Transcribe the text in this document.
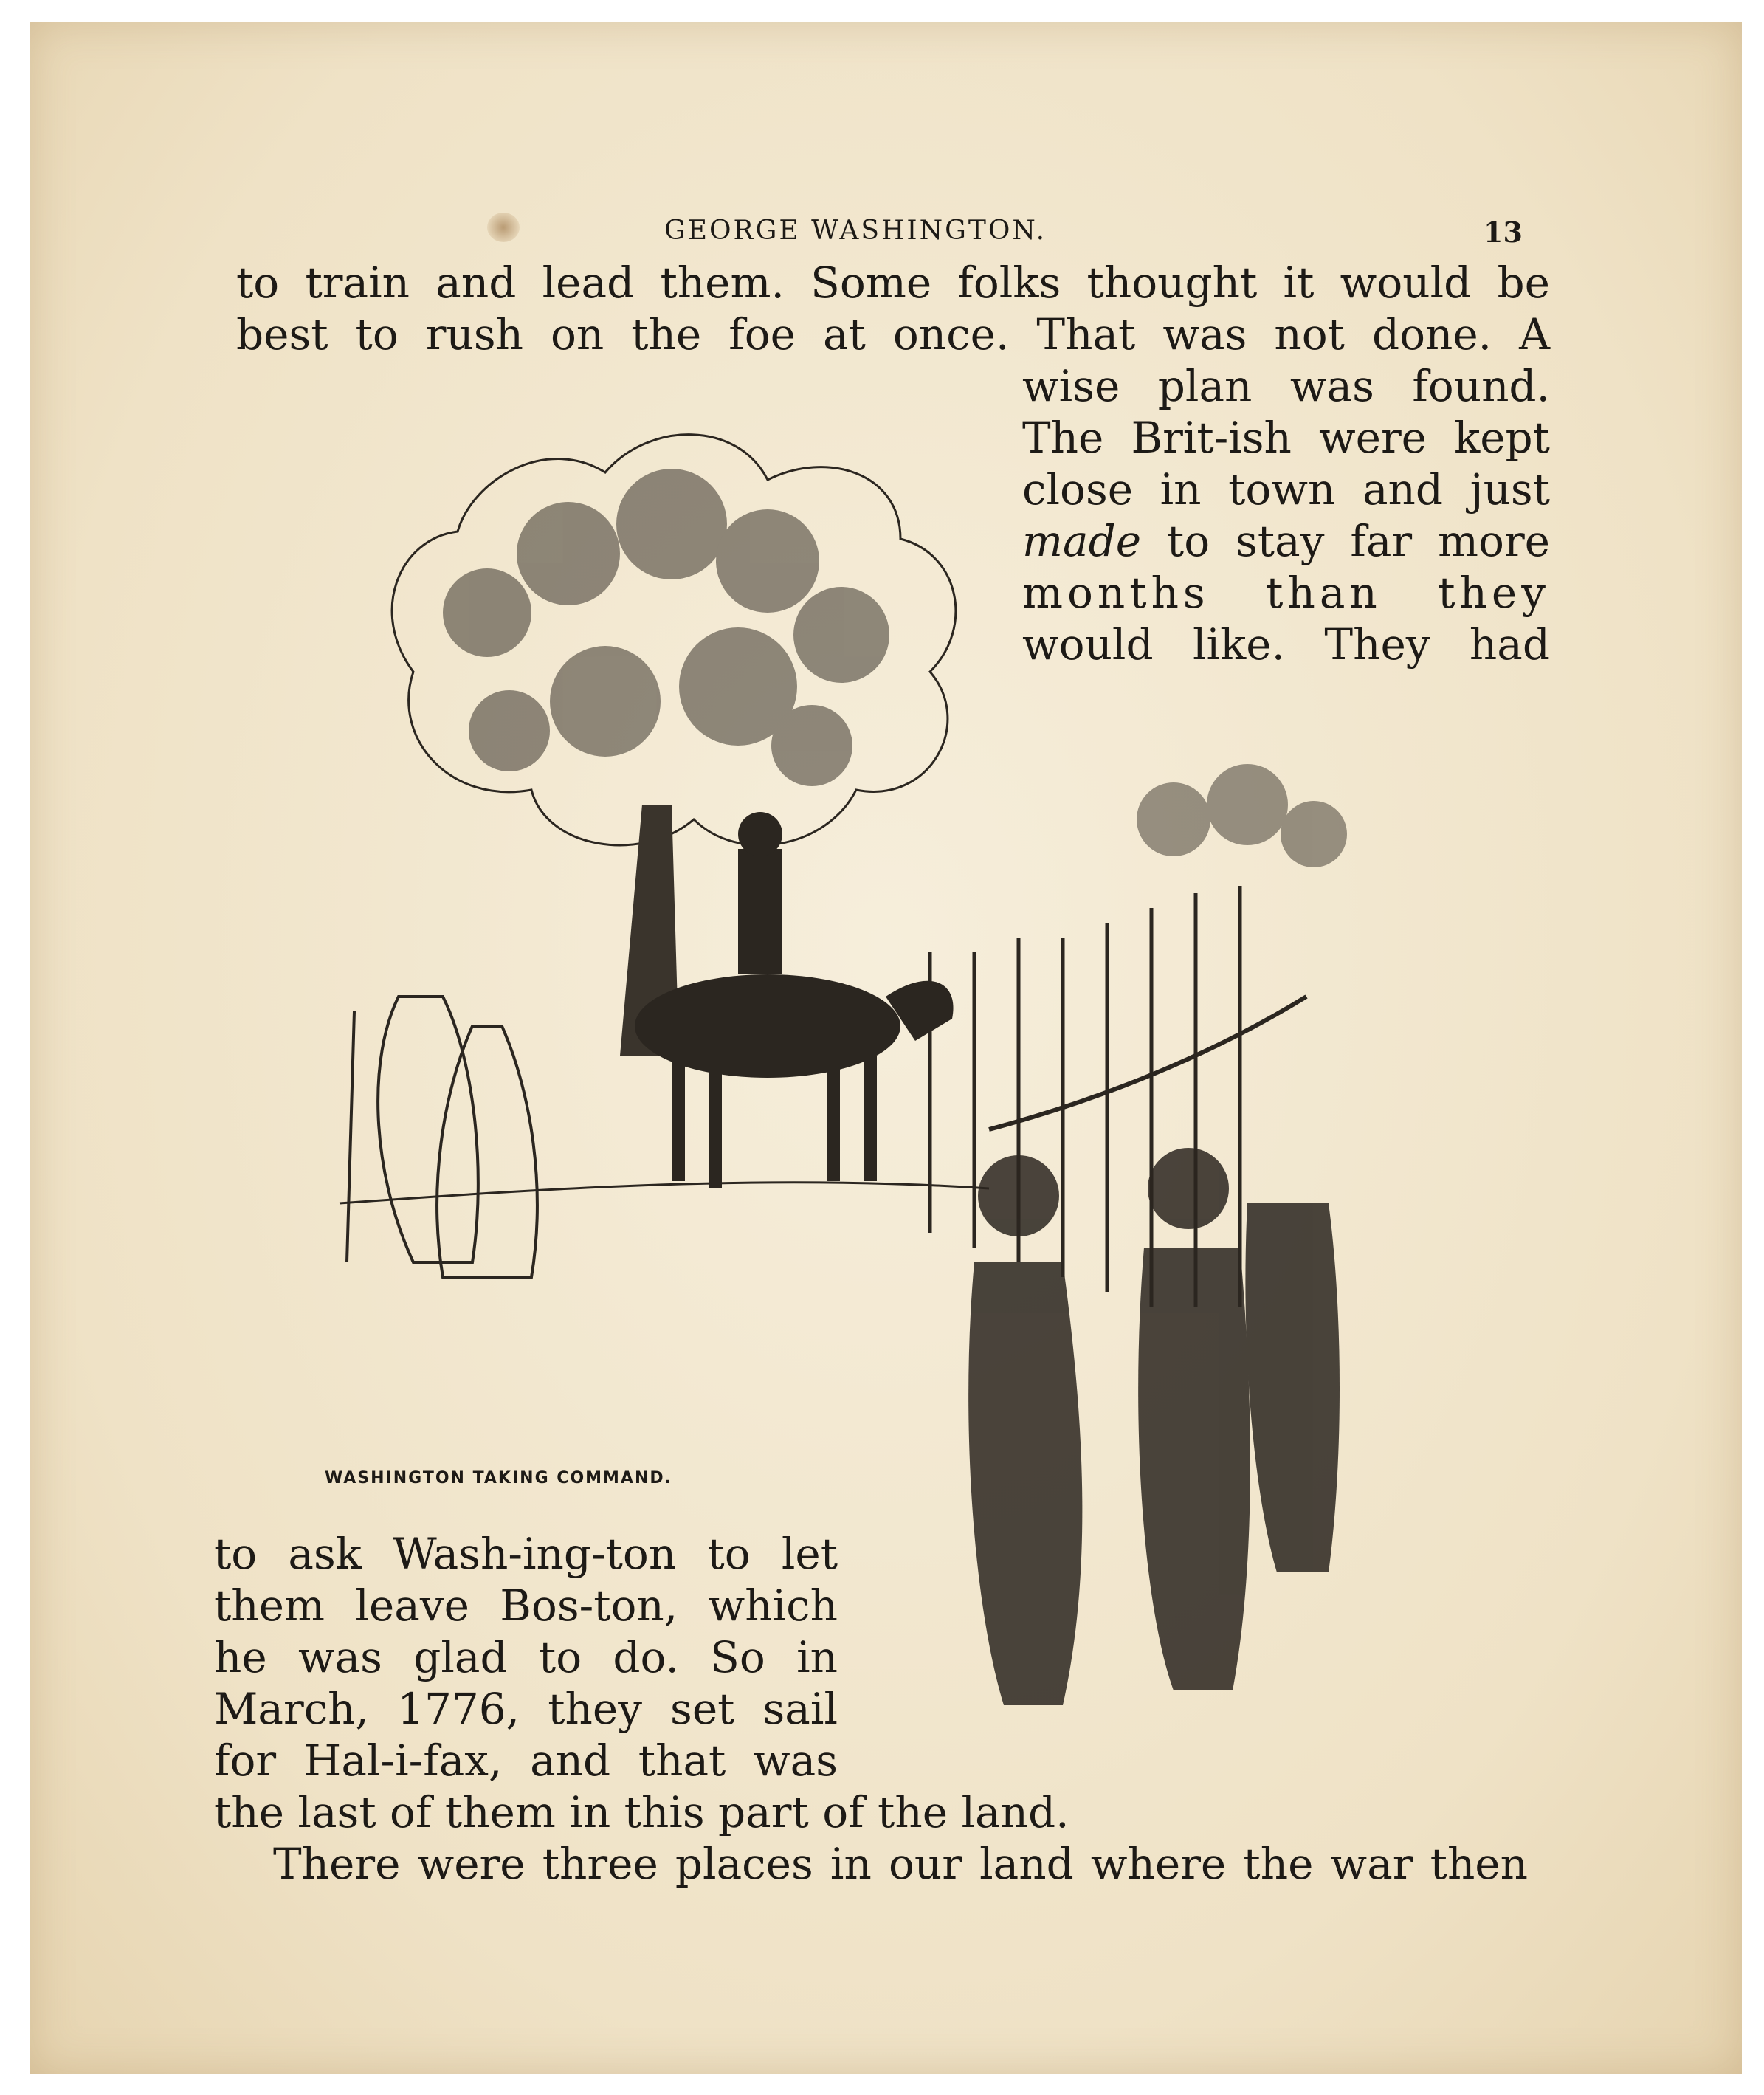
GEORGE WASHINGTON.	13
to train and lead them. Some folks thought it would be
best to rush on the foe at once. That was not done. A
wise plan was found.
The Brit-ish were kept
close in town and just
made to stay far more
months than they
would like. They had
WASHINGTON TAKING COMMAND.
to ask Wash-ing-ton to let
them leave Bos-ton, which
he was glad to do. So in
March, 1776, they set sail
for Hal-i-fax, and that was
the last of them in this part of the land.
There were three places in our land where the war then
